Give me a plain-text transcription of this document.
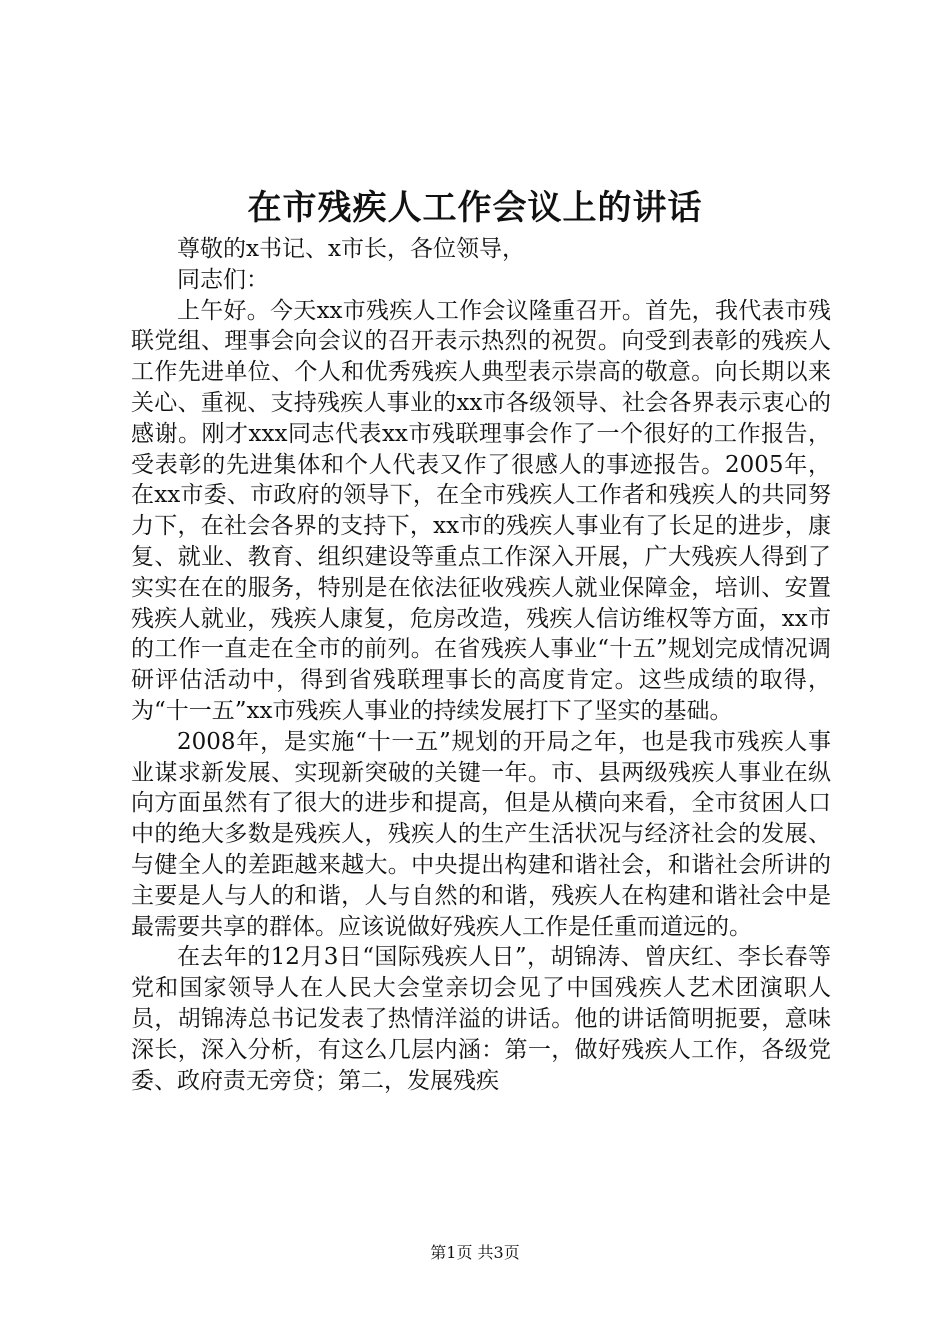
在市残疾人工作会议上的讲话

尊敬的x书记、x市长，各位领导，

同志们：

上午好。今天xx市残疾人工作会议隆重召开。首先，我代表市残联党组、理事会向会议的召开表示热烈的祝贺。向受到表彰的残疾人工作先进单位、个人和优秀残疾人典型表示崇高的敬意。向长期以来关心、重视、支持残疾人事业的xx市各级领导、社会各界表示衷心的感谢。刚才xxx同志代表xx市残联理事会作了一个很好的工作报告，受表彰的先进集体和个人代表又作了很感人的事迹报告。2005年，在xx市委、市政府的领导下，在全市残疾人工作者和残疾人的共同努力下，在社会各界的支持下，xx市的残疾人事业有了长足的进步，康复、就业、教育、组织建设等重点工作深入开展，广大残疾人得到了实实在在的服务，特别是在依法征收残疾人就业保障金，培训、安置残疾人就业，残疾人康复，危房改造，残疾人信访维权等方面，xx市的工作一直走在全市的前列。在省残疾人事业“十五”规划完成情况调研评估活动中，得到省残联理事长的高度肯定。这些成绩的取得，为“十一五”xx市残疾人事业的持续发展打下了坚实的基础。

2008年，是实施“十一五”规划的开局之年，也是我市残疾人事业谋求新发展、实现新突破的关键一年。市、县两级残疾人事业在纵向方面虽然有了很大的进步和提高，但是从横向来看，全市贫困人口中的绝大多数是残疾人，残疾人的生产生活状况与经济社会的发展、与健全人的差距越来越大。中央提出构建和谐社会，和谐社会所讲的主要是人与人的和谐，人与自然的和谐，残疾人在构建和谐社会中是最需要共享的群体。应该说做好残疾人工作是任重而道远的。

在去年的12月3日“国际残疾人日”，胡锦涛、曾庆红、李长春等党和国家领导人在人民大会堂亲切会见了中国残疾人艺术团演职人员，胡锦涛总书记发表了热情洋溢的讲话。他的讲话简明扼要，意味深长，深入分析，有这么几层内涵：第一，做好残疾人工作，各级党委、政府责无旁贷；第二，发展残疾

第1页 共3页
